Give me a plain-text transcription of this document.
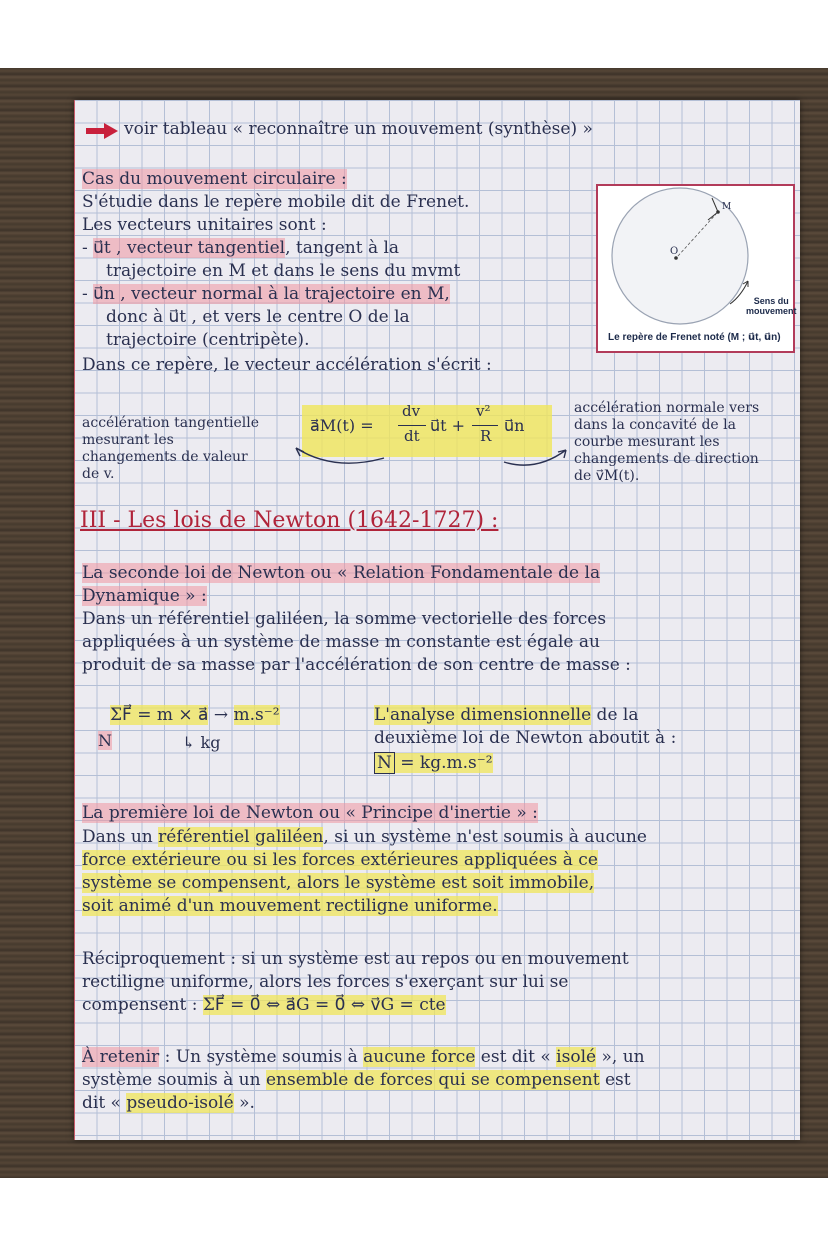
voir tableau « reconnaître un mouvement (synthèse) »
Cas du mouvement circulaire :
S'étudie dans le repère mobile dit de Frenet.
Les vecteurs unitaires sont :
- u⃗t , vecteur tangentiel, tangent à la
trajectoire en M et dans le sens du mvmt
- u⃗n , vecteur normal à la trajectoire en M,
donc à u⃗t , et vers le centre O de la
trajectoire (centripète).
Dans ce repère, le vecteur accélération s'écrit :
O
M
Sens du
mouvement
Le repère de Frenet noté (M ; u⃗t, u⃗n)
accélération tangentielle
mesurant les
changements de valeur
de v.
a⃗M(t) =
dv
dt
u⃗t +
v²
R
u⃗n
accélération normale vers
dans la concavité de la
courbe mesurant les
changements de direction
de v⃗M(t).
III - Les lois de Newton (1642-1727) :
La seconde loi de Newton ou « Relation Fondamentale de la
Dynamique » :
Dans un référentiel galiléen, la somme vectorielle des forces
appliquées à un système de masse m constante est égale au
produit de sa masse par l'accélération de son centre de masse :
ΣF⃗ = m × a⃗ → m.s⁻²
N	↳ kg
L'analyse dimensionnelle de la
deuxième loi de Newton aboutit à :
N = kg.m.s⁻²
La première loi de Newton ou « Principe d'inertie » :
Dans un référentiel galiléen, si un système n'est soumis à aucune
force extérieure ou si les forces extérieures appliquées à ce
système se compensent, alors le système est soit immobile,
soit animé d'un mouvement rectiligne uniforme.
Réciproquement : si un système est au repos ou en mouvement
rectiligne uniforme, alors les forces s'exerçant sur lui se
compensent : ΣF⃗ = 0⃗ ⇔ a⃗G = 0⃗ ⇔ v⃗G = cte
À retenir : Un système soumis à aucune force est dit « isolé », un
système soumis à un ensemble de forces qui se compensent est
dit « pseudo-isolé ».
